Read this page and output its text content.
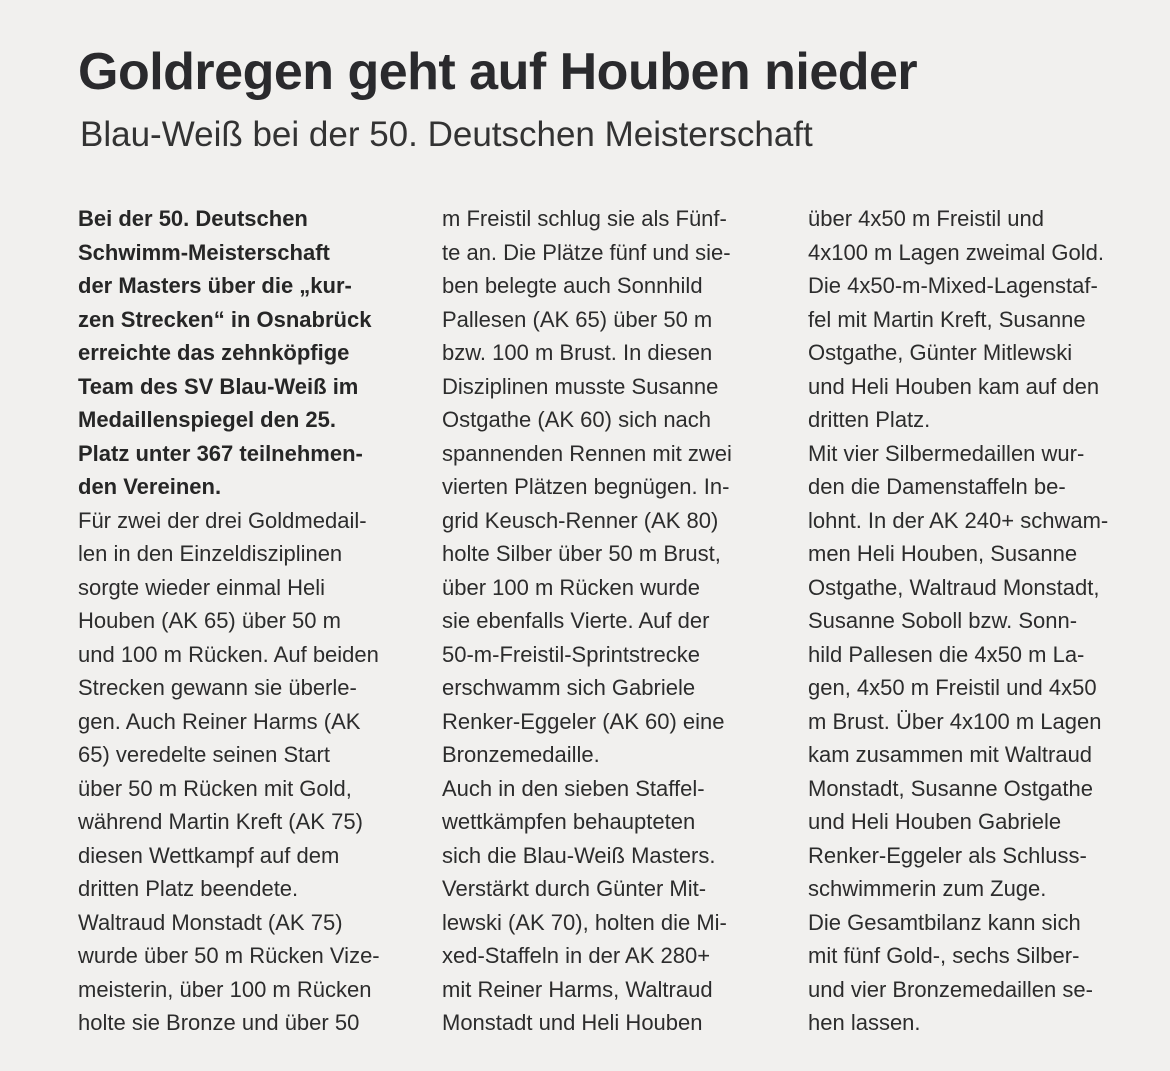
Goldregen geht auf Houben nieder
Blau-Weiß bei der 50. Deutschen Meisterschaft

Bei der 50. Deutschen
Schwimm-Meisterschaft
der Masters über die „kur-
zen Strecken“ in Osnabrück
erreichte das zehnköpfige
Team des SV Blau-Weiß im
Medaillenspiegel den 25.
Platz unter 367 teilnehmen-
den Vereinen.

Für zwei der drei Goldmedail-
len in den Einzeldisziplinen
sorgte wieder einmal Heli
Houben (AK 65) über 50 m
und 100 m Rücken. Auf beiden
Strecken gewann sie überle-
gen. Auch Reiner Harms (AK
65) veredelte seinen Start
über 50 m Rücken mit Gold,
während Martin Kreft (AK 75)
diesen Wettkampf auf dem
dritten Platz beendete.

Waltraud Monstadt (AK 75)
wurde über 50 m Rücken Vize-
meisterin, über 100 m Rücken
holte sie Bronze und über 50

m Freistil schlug sie als Fünf-
te an. Die Plätze fünf und sie-
ben belegte auch Sonnhild
Pallesen (AK 65) über 50 m
bzw. 100 m Brust. In diesen
Disziplinen musste Susanne
Ostgathe (AK 60) sich nach
spannenden Rennen mit zwei
vierten Plätzen begnügen. In-
grid Keusch-Renner (AK 80)
holte Silber über 50 m Brust,
über 100 m Rücken wurde
sie ebenfalls Vierte. Auf der
50-m-Freistil-Sprintstrecke
erschwamm sich Gabriele
Renker-Eggeler (AK 60) eine
Bronzemedaille.

Auch in den sieben Staffel-
wettkämpfen behaupteten
sich die Blau-Weiß Masters.
Verstärkt durch Günter Mit-
lewski (AK 70), holten die Mi-
xed-Staffeln in der AK 280+
mit Reiner Harms, Waltraud
Monstadt und Heli Houben

über 4x50 m Freistil und
4x100 m Lagen zweimal Gold.
Die 4x50-m-Mixed-Lagenstaf-
fel mit Martin Kreft, Susanne
Ostgathe, Günter Mitlewski
und Heli Houben kam auf den
dritten Platz.

Mit vier Silbermedaillen wur-
den die Damenstaffeln be-
lohnt. In der AK 240+ schwam-
men Heli Houben, Susanne
Ostgathe, Waltraud Monstadt,
Susanne Soboll bzw. Sonn-
hild Pallesen die 4x50 m La-
gen, 4x50 m Freistil und 4x50
m Brust. Über 4x100 m Lagen
kam zusammen mit Waltraud
Monstadt, Susanne Ostgathe
und Heli Houben Gabriele
Renker-Eggeler als Schluss-
schwimmerin zum Zuge.

Die Gesamtbilanz kann sich
mit fünf Gold-, sechs Silber-
und vier Bronzemedaillen se-
hen lassen.
